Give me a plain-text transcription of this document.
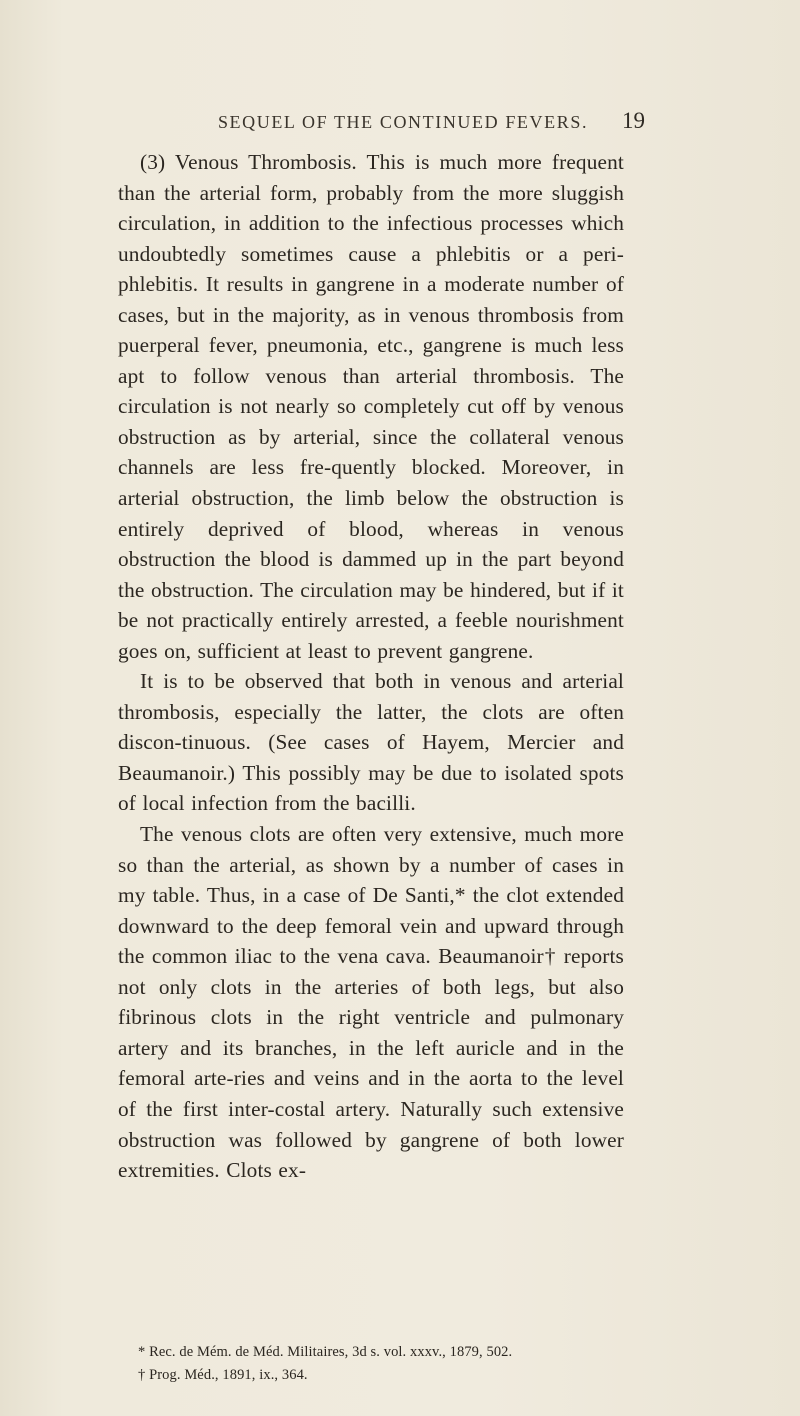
SEQUEL OF THE CONTINUED FEVERS.	19

(3) Venous Thrombosis. This is much more frequent than the arterial form, probably from the more sluggish circulation, in addition to the infectious processes which undoubtedly sometimes cause a phlebitis or a peri-phlebitis. It results in gangrene in a moderate number of cases, but in the majority, as in venous thrombosis from puerperal fever, pneumonia, etc., gangrene is much less apt to follow venous than arterial thrombosis. The circulation is not nearly so completely cut off by venous obstruction as by arterial, since the collateral venous channels are less fre-quently blocked. Moreover, in arterial obstruction, the limb below the obstruction is entirely deprived of blood, whereas in venous obstruction the blood is dammed up in the part beyond the obstruction. The circulation may be hindered, but if it be not practically entirely arrested, a feeble nourishment goes on, sufficient at least to prevent gangrene.

It is to be observed that both in venous and arterial thrombosis, especially the latter, the clots are often discon-tinuous. (See cases of Hayem, Mercier and Beaumanoir.) This possibly may be due to isolated spots of local infection from the bacilli.

The venous clots are often very extensive, much more so than the arterial, as shown by a number of cases in my table. Thus, in a case of De Santi,* the clot extended downward to the deep femoral vein and upward through the common iliac to the vena cava. Beaumanoir† reports not only clots in the arteries of both legs, but also fibrinous clots in the right ventricle and pulmonary artery and its branches, in the left auricle and in the femoral arte-ries and veins and in the aorta to the level of the first inter-costal artery. Naturally such extensive obstruction was followed by gangrene of both lower extremities. Clots ex-

* Rec. de Mém. de Méd. Militaires, 3d s. vol. xxxv., 1879, 502.

† Prog. Méd., 1891, ix., 364.
